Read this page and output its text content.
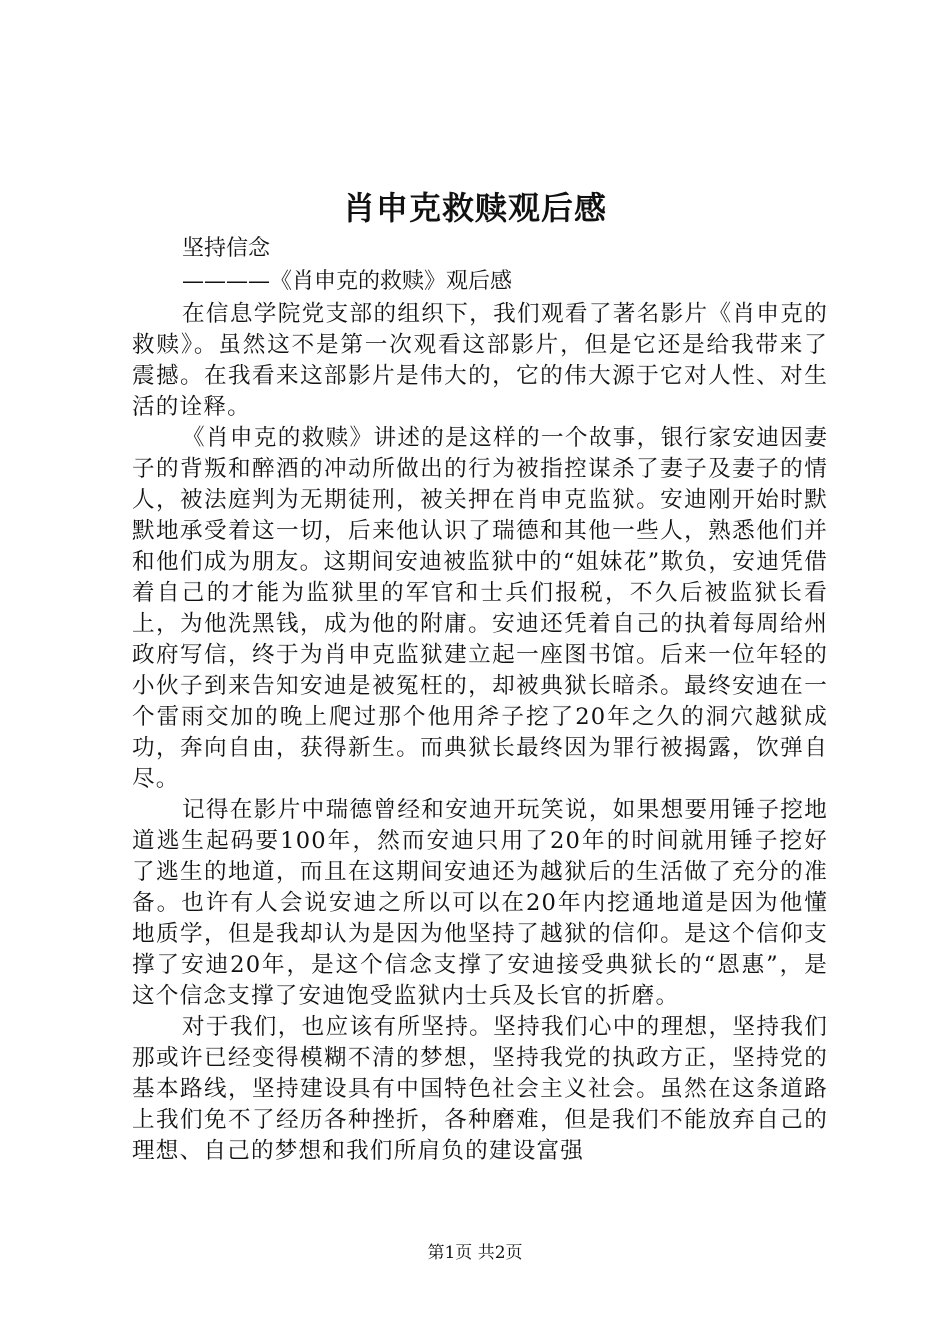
肖申克救赎观后感
坚持信念
————《肖申克的救赎》观后感

在信息学院党支部的组织下，我们观看了著名影片《肖申克的救赎》。虽然这不是第一次观看这部影片，但是它还是给我带来了震撼。在我看来这部影片是伟大的，它的伟大源于它对人性、对生活的诠释。

《肖申克的救赎》讲述的是这样的一个故事，银行家安迪因妻子的背叛和醉酒的冲动所做出的行为被指控谋杀了妻子及妻子的情人，被法庭判为无期徒刑，被关押在肖申克监狱。安迪刚开始时默默地承受着这一切，后来他认识了瑞德和其他一些人，熟悉他们并和他们成为朋友。这期间安迪被监狱中的“姐妹花”欺负，安迪凭借着自己的才能为监狱里的军官和士兵们报税，不久后被监狱长看上，为他洗黑钱，成为他的附庸。安迪还凭着自己的执着每周给州政府写信，终于为肖申克监狱建立起一座图书馆。后来一位年轻的小伙子到来告知安迪是被冤枉的，却被典狱长暗杀。最终安迪在一个雷雨交加的晚上爬过那个他用斧子挖了20年之久的洞穴越狱成功，奔向自由，获得新生。而典狱长最终因为罪行被揭露，饮弹自尽。

记得在影片中瑞德曾经和安迪开玩笑说，如果想要用锤子挖地道逃生起码要100年，然而安迪只用了20年的时间就用锤子挖好了逃生的地道，而且在这期间安迪还为越狱后的生活做了充分的准备。也许有人会说安迪之所以可以在20年内挖通地道是因为他懂地质学，但是我却认为是因为他坚持了越狱的信仰。是这个信仰支撑了安迪20年，是这个信念支撑了安迪接受典狱长的“恩惠”，是这个信念支撑了安迪饱受监狱内士兵及长官的折磨。

对于我们，也应该有所坚持。坚持我们心中的理想，坚持我们那或许已经变得模糊不清的梦想，坚持我党的执政方正，坚持党的基本路线，坚持建设具有中国特色社会主义社会。虽然在这条道路上我们免不了经历各种挫折，各种磨难，但是我们不能放弃自己的理想、自己的梦想和我们所肩负的建设富强

第1页 共2页
